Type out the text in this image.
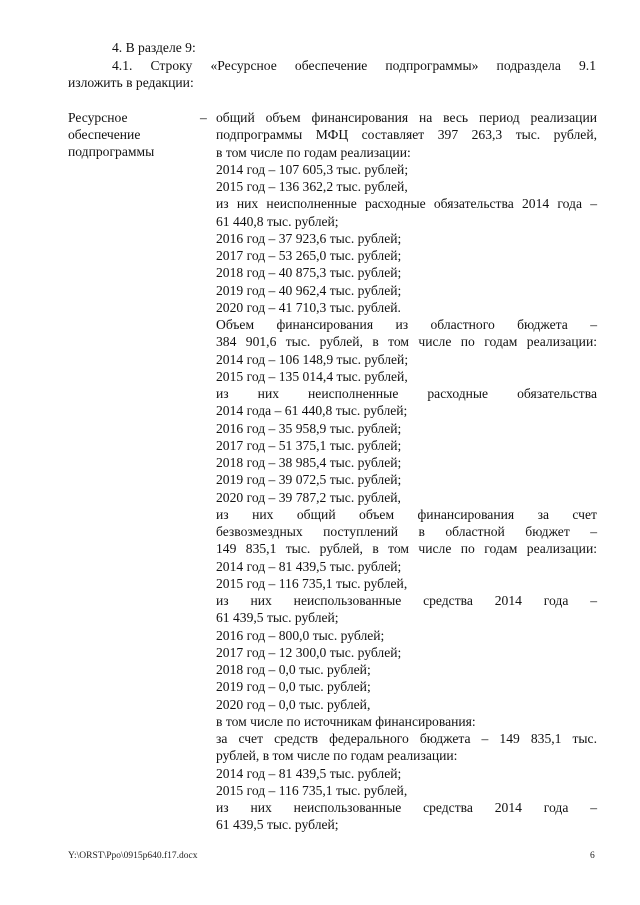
4. В разделе 9:
4.1. Строку «Ресурсное обеспечение подпрограммы» подраздела 9.1
изложить в редакции:
Ресурсное
обеспечение
подпрограммы
– общий объем финансирования на весь период реализации
подпрограммы МФЦ составляет 397 263,3 тыс. рублей,
в том числе по годам реализации:
2014 год – 107 605,3 тыс. рублей;
2015 год – 136 362,2 тыс. рублей,
из них неисполненные расходные обязательства 2014 года –
61 440,8 тыс. рублей;
2016 год – 37 923,6 тыс. рублей;
2017 год – 53 265,0 тыс. рублей;
2018 год – 40 875,3 тыс. рублей;
2019 год – 40 962,4 тыс. рублей;
2020 год – 41 710,3 тыс. рублей.
Объем финансирования из областного бюджета –
384 901,6 тыс. рублей, в том числе по годам реализации:
2014 год – 106 148,9 тыс. рублей;
2015 год – 135 014,4 тыс. рублей,
из них неисполненные расходные обязательства
2014 года – 61 440,8 тыс. рублей;
2016 год – 35 958,9 тыс. рублей;
2017 год – 51 375,1 тыс. рублей;
2018 год – 38 985,4 тыс. рублей;
2019 год – 39 072,5 тыс. рублей;
2020 год – 39 787,2 тыс. рублей,
из них общий объем финансирования за счет
безвозмездных поступлений в областной бюджет –
149 835,1 тыс. рублей, в том числе по годам реализации:
2014 год – 81 439,5 тыс. рублей;
2015 год – 116 735,1 тыс. рублей,
из них неиспользованные средства 2014 года –
61 439,5 тыс. рублей;
2016 год – 800,0 тыс. рублей;
2017 год – 12 300,0 тыс. рублей;
2018 год – 0,0 тыс. рублей;
2019 год – 0,0 тыс. рублей;
2020 год – 0,0 тыс. рублей,
в том числе по источникам финансирования:
за счет средств федерального бюджета – 149 835,1 тыс.
рублей, в том числе по годам реализации:
2014 год – 81 439,5 тыс. рублей;
2015 год – 116 735,1 тыс. рублей,
из них неиспользованные средства 2014 года –
61 439,5 тыс. рублей;
Y:\ORST\Ppo\0915p640.f17.docx	6
